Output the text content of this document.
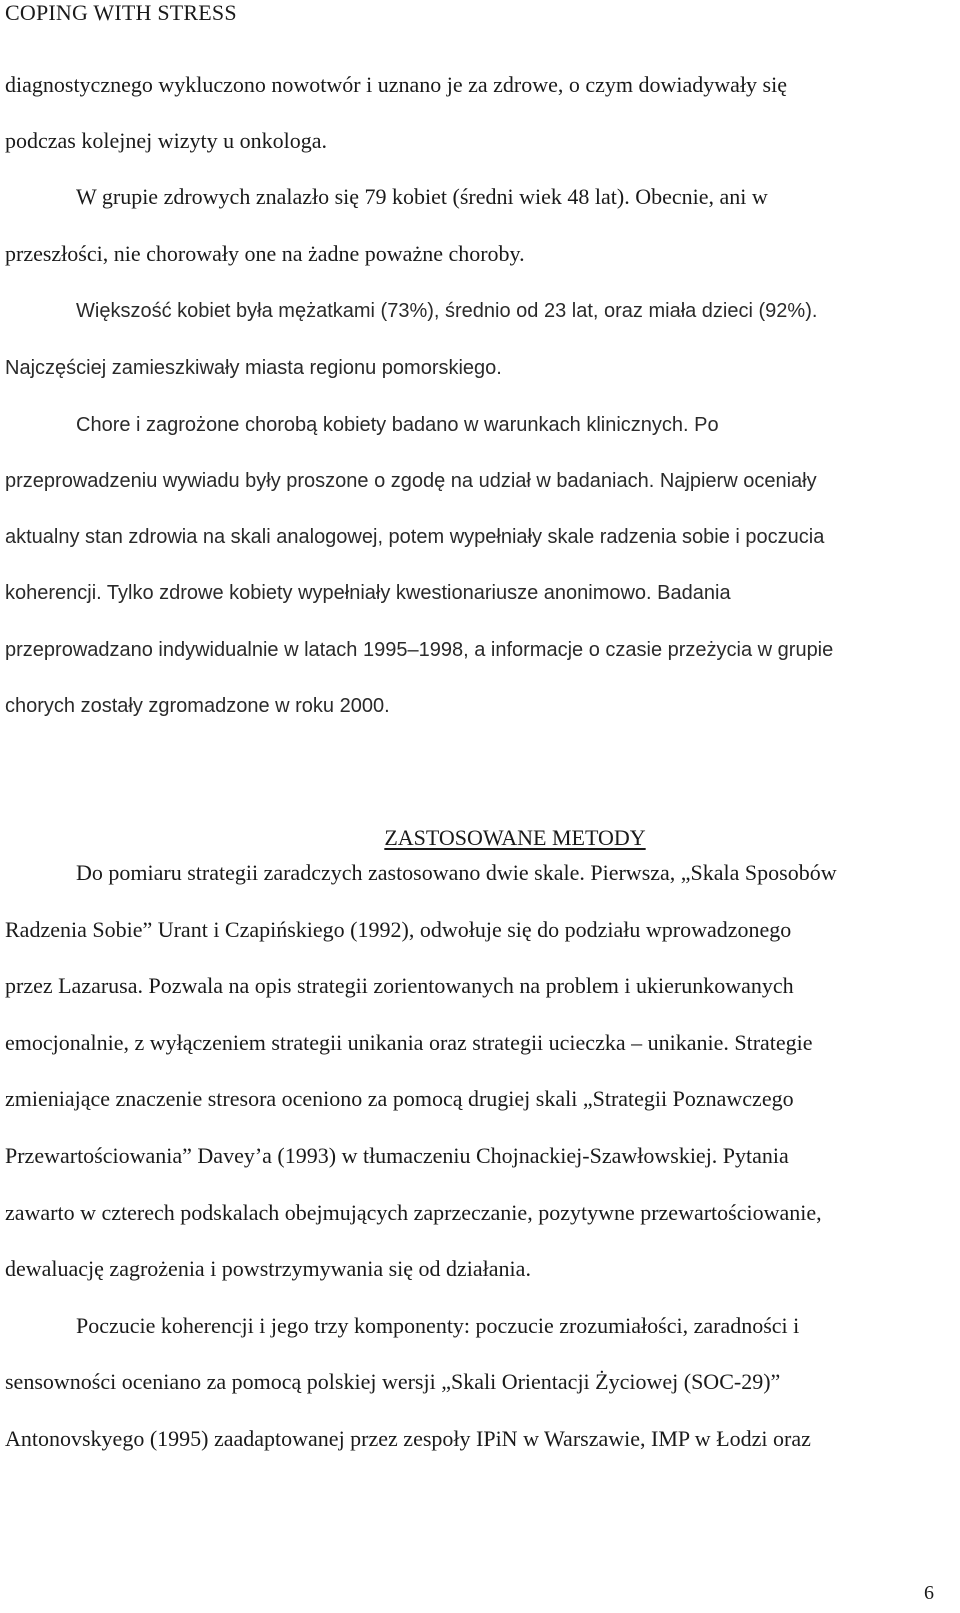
COPING WITH STRESS
diagnostycznego wykluczono nowotwór i uznano je za zdrowe, o czym dowiadywały się
podczas kolejnej wizyty u onkologa.
W grupie zdrowych znalazło się 79 kobiet (średni wiek 48 lat). Obecnie, ani w
przeszłości, nie chorowały one na żadne poważne choroby.
Większość kobiet była mężatkami (73%), średnio od 23 lat, oraz miała dzieci (92%).
Najczęściej zamieszkiwały miasta regionu pomorskiego.
Chore i zagrożone chorobą kobiety badano w warunkach klinicznych. Po
przeprowadzeniu wywiadu były proszone o zgodę na udział w badaniach. Najpierw oceniały
aktualny stan zdrowia na skali analogowej, potem wypełniały skale radzenia sobie i poczucia
koherencji. Tylko zdrowe kobiety wypełniały kwestionariusze anonimowo. Badania
przeprowadzano indywidualnie w latach 1995–1998, a informacje o czasie przeżycia w grupie
chorych zostały zgromadzone w roku 2000.
ZASTOSOWANE METODY
Do pomiaru strategii zaradczych zastosowano dwie skale. Pierwsza, „Skala Sposobów
Radzenia Sobie” Urant i Czapińskiego (1992), odwołuje się do podziału wprowadzonego
przez Lazarusa. Pozwala na opis strategii zorientowanych na problem i ukierunkowanych
emocjonalnie, z wyłączeniem strategii unikania oraz strategii ucieczka – unikanie. Strategie
zmieniające znaczenie stresora oceniono za pomocą drugiej skali „Strategii Poznawczego
Przewartościowania” Davey’a (1993) w tłumaczeniu Chojnackiej-Szawłowskiej. Pytania
zawarto w czterech podskalach obejmujących zaprzeczanie, pozytywne przewartościowanie,
dewaluację zagrożenia i powstrzymywania się od działania.
Poczucie koherencji i jego trzy komponenty: poczucie zrozumiałości, zaradności i
sensowności oceniano za pomocą polskiej wersji „Skali Orientacji Życiowej (SOC-29)”
Antonovskyego (1995) zaadaptowanej przez zespoły IPiN w Warszawie, IMP w Łodzi oraz
6
